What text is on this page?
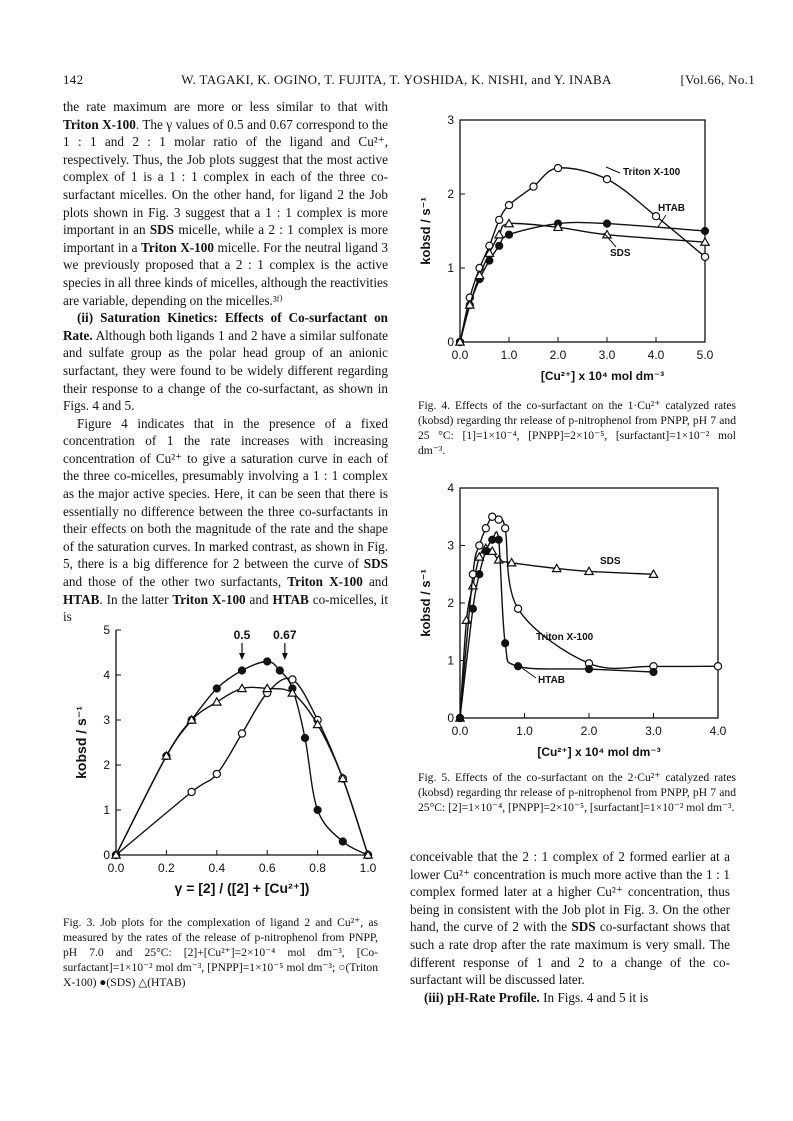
142	W. TAGAKI, K. OGINO, T. FUJITA, T. YOSHIDA, K. NISHI, and Y. INABA	[Vol.66, No.1

the rate maximum are more or less similar to that with Triton X-100. The γ values of 0.5 and 0.67 correspond to the 1 : 1 and 2 : 1 molar ratio of the ligand and Cu²⁺, respectively. Thus, the Job plots suggest that the most active complex of 1 is a 1 : 1 complex in each of the three co-surfactant micelles. On the other hand, for ligand 2 the Job plots shown in Fig. 3 suggest that a 1 : 1 complex is more important in an SDS micelle, while a 2 : 1 complex is more important in a Triton X-100 micelle. For the neutral ligand 3 we previously proposed that a 2 : 1 complex is the active species in all three kinds of micelles, although the reactivities are variable, depending on the micelles.³ᶠ⁾

(ii) Saturation Kinetics: Effects of Co-surfactant on Rate. Although both ligands 1 and 2 have a similar sulfonate and sulfate group as the polar head group of an anionic surfactant, they were found to be widely different regarding their response to a change of the co-surfactant, as shown in Figs. 4 and 5.

Figure 4 indicates that in the presence of a fixed concentration of 1 the rate increases with increasing concentration of Cu²⁺ to give a saturation curve in each of the three co-micelles, presumably involving a 1 : 1 complex as the major active species. Here, it can be seen that there is essentially no difference between the three co-surfactants in their effects on both the magnitude of the rate and the shape of the saturation curves. In marked contrast, as shown in Fig. 5, there is a big difference for 2 between the curve of SDS and those of the other two surfactants, Triton X-100 and HTAB. In the latter Triton X-100 and HTAB co-micelles, it is

conceivable that the 2 : 1 complex of 2 formed earlier at a lower Cu²⁺ concentration is much more active than the 1 : 1 complex formed later at a higher Cu²⁺ concentration, thus being in consistent with the Job plot in Fig. 3. On the other hand, the curve of 2 with the SDS co-surfactant shows that such a rate drop after the rate maximum is very small. The different response of 1 and 2 to a change of the co-surfactant will be discussed later.

(iii) pH-Rate Profile. In Figs. 4 and 5 it is

Fig. 3. Job plots for the complexation of ligand 2 and Cu²⁺, as measured by the rates of the release of p-nitrophenol from PNPP, pH 7.0 and 25°C: [2]+[Cu²⁺]=2×10⁻⁴ mol dm⁻³, [Co-surfactant]=1×10⁻² mol dm⁻³, [PNPP]=1×10⁻⁵ mol dm⁻³; ○(Triton X-100) ●(SDS) △(HTAB)

Fig. 4. Effects of the co-surfactant on the 1·Cu²⁺ catalyzed rates (kobsd) regarding thr release of p-nitrophenol from PNPP, pH 7 and 25 °C: [1]=1×10⁻⁴, [PNPP]=2×10⁻⁵, [surfactant]=1×10⁻² mol dm⁻³.

Fig. 5. Effects of the co-surfactant on the 2·Cu²⁺ catalyzed rates (kobsd) regarding thr release of p-nitrophenol from PNPP, pH 7 and 25°C: [2]=1×10⁻⁴, [PNPP]=2×10⁻⁵, [surfactant]=1×10⁻² mol dm⁻³.

0.0	0.2	0.4	0.6	0.8	1.0
0
1
2
3
4
5
γ = [2] / ([2] + [Cu²⁺])
kobsd / s⁻¹
0.5 0.67
0.0	1.0	2.0	3.0	4.0	5.0
0
1
2
3
[Cu²⁺] x 10⁴ mol dm⁻³
kobsd / s⁻¹
Triton X-100
HTAB
SDS
0.0	1.0	2.0	3.0	4.0
0
1
2
3
4
[Cu²⁺] x 10⁴ mol dm⁻³
kobsd / s⁻¹
SDS
Triton X-100
HTAB
